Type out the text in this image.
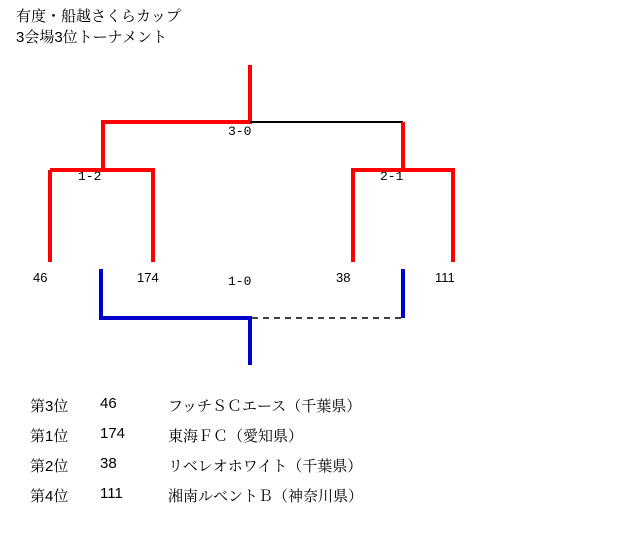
有度・船越さくらカップ
3会場3位トーナメント
3-0
1-2	2-1
1-0
46	174	38	111
第3位 46	フッチＳＣエース（千葉県）
第1位 174	東海ＦＣ（愛知県）
第2位 38	リベレオホワイト（千葉県）
第4位 111	湘南ルベントＢ（神奈川県）
